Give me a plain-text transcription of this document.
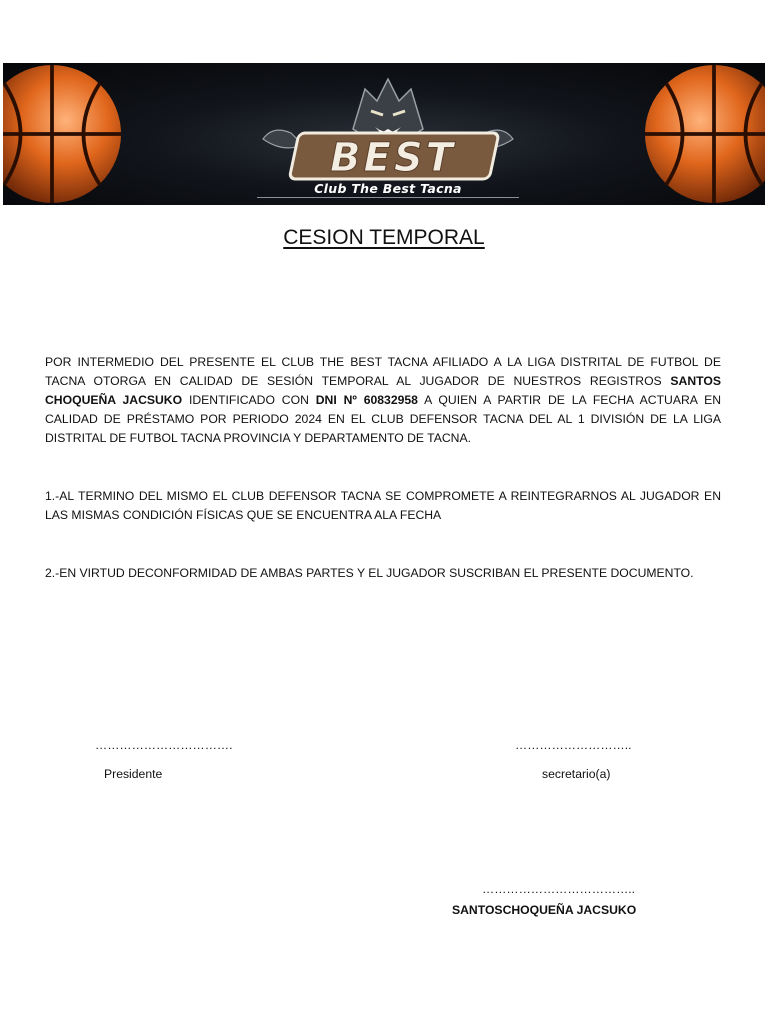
BEST
Club The Best Tacna
CESION TEMPORAL
POR INTERMEDIO DEL PRESENTE EL CLUB THE BEST TACNA AFILIADO A LA LIGA DISTRITAL DE FUTBOL DE TACNA OTORGA EN CALIDAD DE SESIÓN TEMPORAL AL JUGADOR DE NUESTROS REGISTROS SANTOS CHOQUEÑA JACSUKO IDENTIFICADO CON DNI Nº 60832958 A QUIEN A PARTIR DE LA FECHA ACTUARA EN CALIDAD DE PRÉSTAMO POR PERIODO 2024 EN EL CLUB DEFENSOR TACNA DEL AL 1 DIVISIÓN DE LA LIGA DISTRITAL DE FUTBOL TACNA PROVINCIA Y DEPARTAMENTO DE TACNA.
1.-AL TERMINO DEL MISMO EL CLUB DEFENSOR TACNA SE COMPROMETE A REINTEGRARNOS AL JUGADOR EN LAS MISMAS CONDICIÓN FÍSICAS QUE SE ENCUENTRA ALA FECHA
2.-EN VIRTUD DECONFORMIDAD DE AMBAS PARTES Y EL JUGADOR SUSCRIBAN EL PRESENTE DOCUMENTO.
…………………………….
Presidente
………………………..
secretario(a)
………………………………..
SANTOSCHOQUEÑA JACSUKO
